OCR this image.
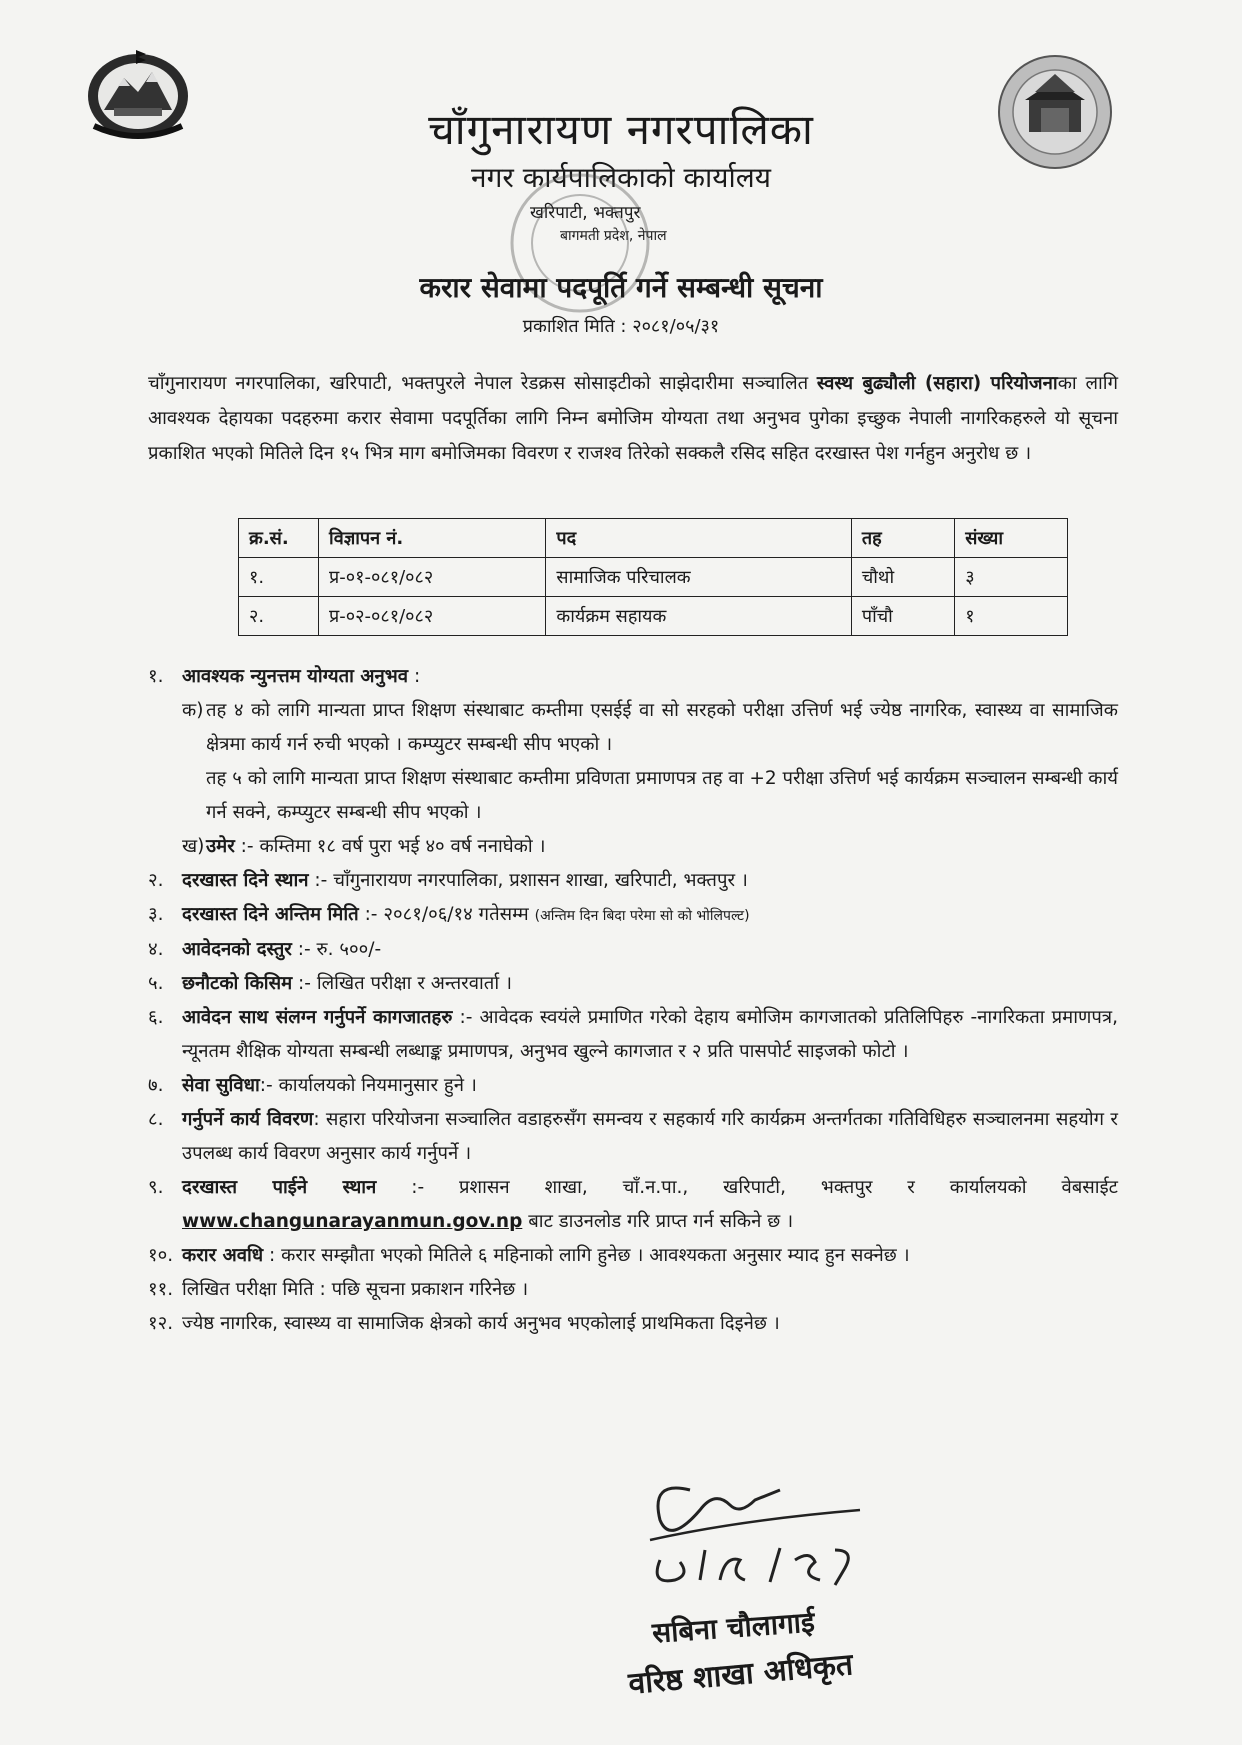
चाँगुनारायण नगरपालिका
नगर कार्यपालिकाको कार्यालय
खरिपाटी, भक्तपुर
बागमती प्रदेश, नेपाल
करार सेवामा पदपूर्ति गर्ने सम्बन्धी सूचना
प्रकाशित मिति : २०८१/०५/३१
चाँगुनारायण नगरपालिका, खरिपाटी, भक्तपुरले नेपाल रेडक्रस सोसाइटीको साझेदारीमा सञ्चालित स्वस्थ बुढ्यौली (सहारा) परियोजनाका लागि आवश्यक देहायका पदहरुमा करार सेवामा पदपूर्तिका लागि निम्न बमोजिम योग्यता तथा अनुभव पुगेका इच्छुक नेपाली नागरिकहरुले यो सूचना प्रकाशित भएको मितिले दिन १५ भित्र माग बमोजिमका विवरण र राजश्व तिरेको सक्कलै रसिद सहित दरखास्त पेश गर्नहुन अनुरोध छ ।
क्र.सं.	विज्ञापन नं.	पद	तह	संख्या
१.	प्र-०१-०८१/०८२	सामाजिक परिचालक	चौथो	३
२.	प्र-०२-०८१/०८२	कार्यक्रम सहायक	पाँचौ	१
१. आवश्यक न्युनत्तम योग्यता अनुभव :
क) तह ४ को लागि मान्यता प्राप्त शिक्षण संस्थाबाट कम्तीमा एसईई वा सो सरहको परीक्षा उत्तिर्ण भई ज्येष्ठ नागरिक, स्वास्थ्य वा सामाजिक क्षेत्रमा कार्य गर्न रुची भएको । कम्प्युटर सम्बन्धी सीप भएको ।
तह ५ को लागि मान्यता प्राप्त शिक्षण संस्थाबाट कम्तीमा प्रविणता प्रमाणपत्र तह वा +2 परीक्षा उत्तिर्ण भई कार्यक्रम सञ्चालन सम्बन्धी कार्य गर्न सक्ने, कम्प्युटर सम्बन्धी सीप भएको ।
ख) उमेर :- कम्तिमा १८ वर्ष पुरा भई ४० वर्ष ननाघेको ।
२. दरखास्त दिने स्थान :- चाँगुनारायण नगरपालिका, प्रशासन शाखा, खरिपाटी, भक्तपुर ।
३. दरखास्त दिने अन्तिम मिति :- २०८१/०६/१४ गतेसम्म (अन्तिम दिन बिदा परेमा सो को भोलिपल्ट)
४. आवेदनको दस्तुर :- रु. ५००/-
५. छनौटको किसिम :- लिखित परीक्षा र अन्तरवार्ता ।
६. आवेदन साथ संलग्न गर्नुपर्ने कागजातहरु :- आवेदक स्वयंले प्रमाणित गरेको देहाय बमोजिम कागजातको प्रतिलिपिहरु -नागरिकता प्रमाणपत्र, न्यूनतम शैक्षिक योग्यता सम्बन्धी लब्धाङ्क प्रमाणपत्र, अनुभव खुल्ने कागजात र २ प्रति पासपोर्ट साइजको फोटो ।
७. सेवा सुविधा:- कार्यालयको नियमानुसार हुने ।
८. गर्नुपर्ने कार्य विवरण: सहारा परियोजना सञ्चालित वडाहरुसँग समन्वय र सहकार्य गरि कार्यक्रम अन्तर्गतका गतिविधिहरु सञ्चालनमा सहयोग र उपलब्ध कार्य विवरण अनुसार कार्य गर्नुपर्ने ।
९. दरखास्त पाईने स्थान :- प्रशासन शाखा, चाँ.न.पा., खरिपाटी, भक्तपुर र कार्यालयको वेबसाईट www.changunarayanmun.gov.np बाट डाउनलोड गरि प्राप्त गर्न सकिने छ ।
१०. करार अवधि : करार सम्झौता भएको मितिले ६ महिनाको लागि हुनेछ । आवश्यकता अनुसार म्याद हुन सक्नेछ ।
११. लिखित परीक्षा मिति : पछि सूचना प्रकाशन गरिनेछ ।
१२. ज्येष्ठ नागरिक, स्वास्थ्य वा सामाजिक क्षेत्रको कार्य अनुभव भएकोलाई प्राथमिकता दिइनेछ ।
सबिना चौलागाई
वरिष्ठ शाखा अधिकृत
